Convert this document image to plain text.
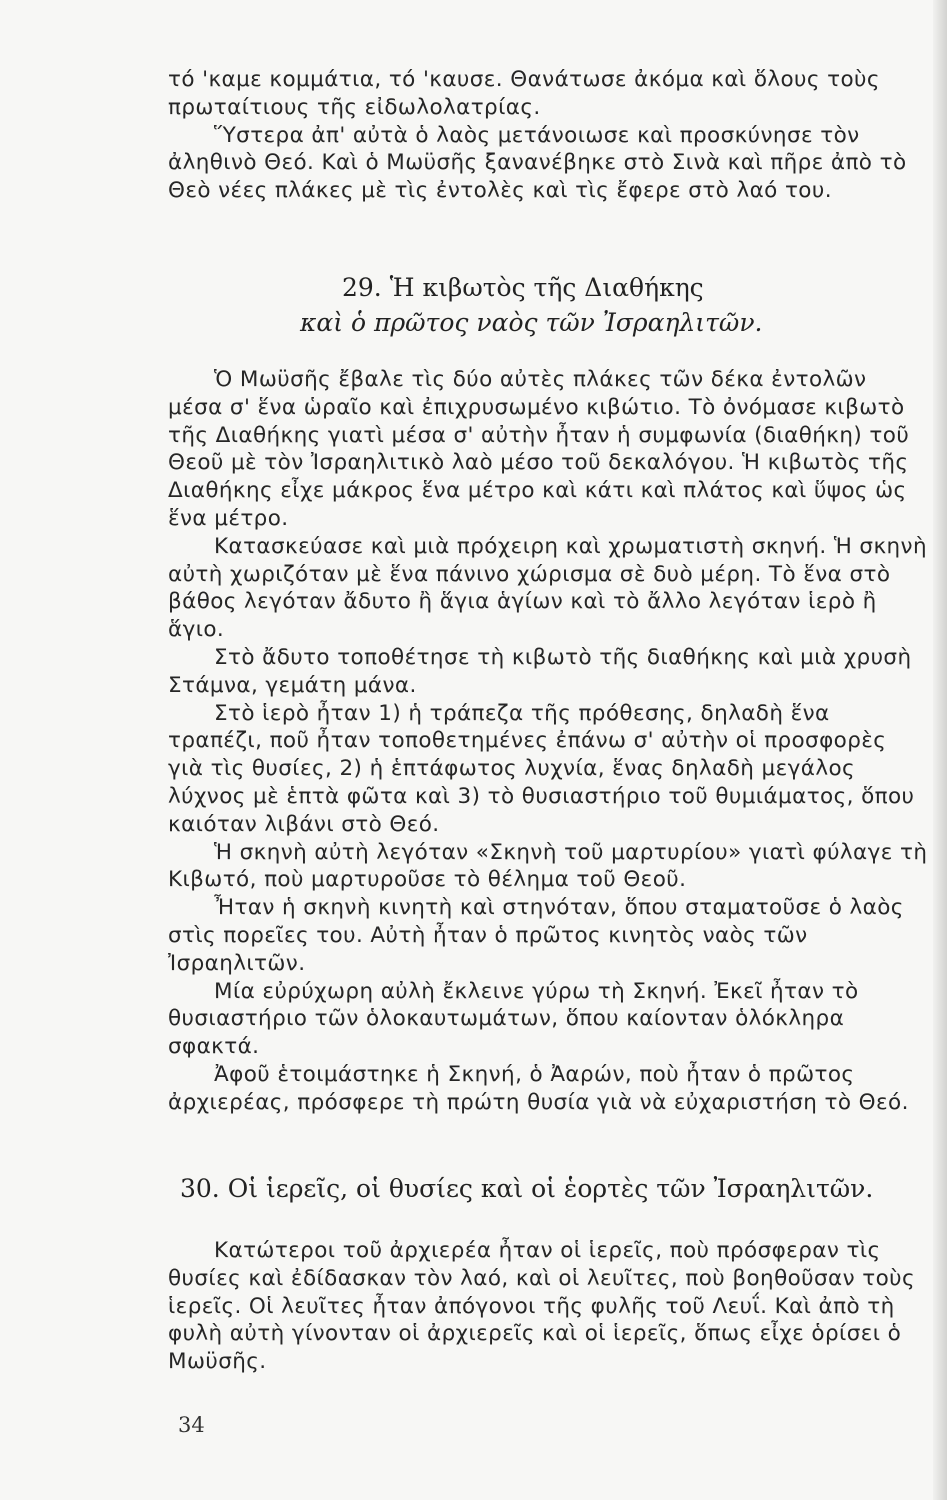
τό 'καμε κομμάτια, τό 'καυσε. Θανάτωσε ἀκόμα καὶ ὅλους τοὺς πρωταίτιους τῆς εἰδωλολατρίας.

Ὕστερα ἀπ' αὐτὰ ὁ λαὸς μετάνοιωσε καὶ προσκύνησε τὸν ἀληθινὸ Θεό. Καὶ ὁ Μωϋσῆς ξανανέβηκε στὸ Σινὰ καὶ πῆρε ἀπὸ τὸ Θεὸ νέες πλάκες μὲ τὶς ἐντολὲς καὶ τὶς ἔφερε στὸ λαό του.

29. Ἡ κιβωτὸς τῆς Διαθήκης
καὶ ὁ πρῶτος ναὸς τῶν Ἰσραηλιτῶν.

Ὁ Μωϋσῆς ἔβαλε τὶς δύο αὐτὲς πλάκες τῶν δέκα ἐντολῶν μέσα σ' ἕνα ὡραῖο καὶ ἐπιχρυσωμένο κιβώτιο. Τὸ ὀνόμασε κιβωτὸ τῆς Διαθήκης γιατὶ μέσα σ' αὐτὴν ἦταν ἡ συμφωνία (διαθήκη) τοῦ Θεοῦ μὲ τὸν Ἰσραηλιτικὸ λαὸ μέσο τοῦ δεκαλόγου. Ἡ κιβωτὸς τῆς Διαθήκης εἶχε μάκρος ἕνα μέτρο καὶ κάτι καὶ πλάτος καὶ ὕψος ὡς ἕνα μέτρο.

Κατασκεύασε καὶ μιὰ πρόχειρη καὶ χρωματιστὴ σκηνή. Ἡ σκηνὴ αὐτὴ χωριζόταν μὲ ἕνα πάνινο χώρισμα σὲ δυὸ μέρη. Τὸ ἕνα στὸ βάθος λεγόταν ἄδυτο ἢ ἅγια ἁγίων καὶ τὸ ἄλλο λεγόταν ἱερὸ ἢ ἅγιο.

Στὸ ἄδυτο τοποθέτησε τὴ κιβωτὸ τῆς διαθήκης καὶ μιὰ χρυσὴ Στάμνα, γεμάτη μάνα.

Στὸ ἱερὸ ἦταν 1) ἡ τράπεζα τῆς πρόθεσης, δηλαδὴ ἕνα τραπέζι, ποῦ ἦταν τοποθετημένες ἐπάνω σ' αὐτὴν οἱ προσφορὲς γιὰ τὶς θυσίες, 2) ἡ ἑπτάφωτος λυχνία, ἕνας δηλαδὴ μεγάλος λύχνος μὲ ἑπτὰ φῶτα καὶ 3) τὸ θυσιαστήριο τοῦ θυμιάματος, ὅπου καιόταν λιβάνι στὸ Θεό.

Ἡ σκηνὴ αὐτὴ λεγόταν «Σκηνὴ τοῦ μαρτυρίου» γιατὶ φύλαγε τὴ Κιβωτό, ποὺ μαρτυροῦσε τὸ θέλημα τοῦ Θεοῦ.

Ἦταν ἡ σκηνὴ κινητὴ καὶ στηνόταν, ὅπου σταματοῦσε ὁ λαὸς στὶς πορεῖες του. Αὐτὴ ἦταν ὁ πρῶτος κινητὸς ναὸς τῶν Ἰσραηλιτῶν.

Μία εὐρύχωρη αὐλὴ ἔκλεινε γύρω τὴ Σκηνή. Ἐκεῖ ἦταν τὸ θυσιαστήριο τῶν ὁλοκαυτωμάτων, ὅπου καίονταν ὁλόκληρα σφακτά.

Ἀφοῦ ἑτοιμάστηκε ἡ Σκηνή, ὁ Ἀαρών, ποὺ ἦταν ὁ πρῶτος ἀρχιερέας, πρόσφερε τὴ πρώτη θυσία γιὰ νὰ εὐχαριστήση τὸ Θεό.

30. Οἱ ἱερεῖς, οἱ θυσίες καὶ οἱ ἑορτὲς τῶν Ἰσραηλιτῶν.

Κατώτεροι τοῦ ἀρχιερέα ἦταν οἱ ἱερεῖς, ποὺ πρόσφεραν τὶς θυσίες καὶ ἐδίδασκαν τὸν λαό, καὶ οἱ λευῖτες, ποὺ βοηθοῦσαν τοὺς ἱερεῖς. Οἱ λευῖτες ἦταν ἀπόγονοι τῆς φυλῆς τοῦ Λευΐ. Καὶ ἀπὸ τὴ φυλὴ αὐτὴ γίνονταν οἱ ἀρχιερεῖς καὶ οἱ ἱερεῖς, ὅπως εἶχε ὁρίσει ὁ Μωϋσῆς.

34
